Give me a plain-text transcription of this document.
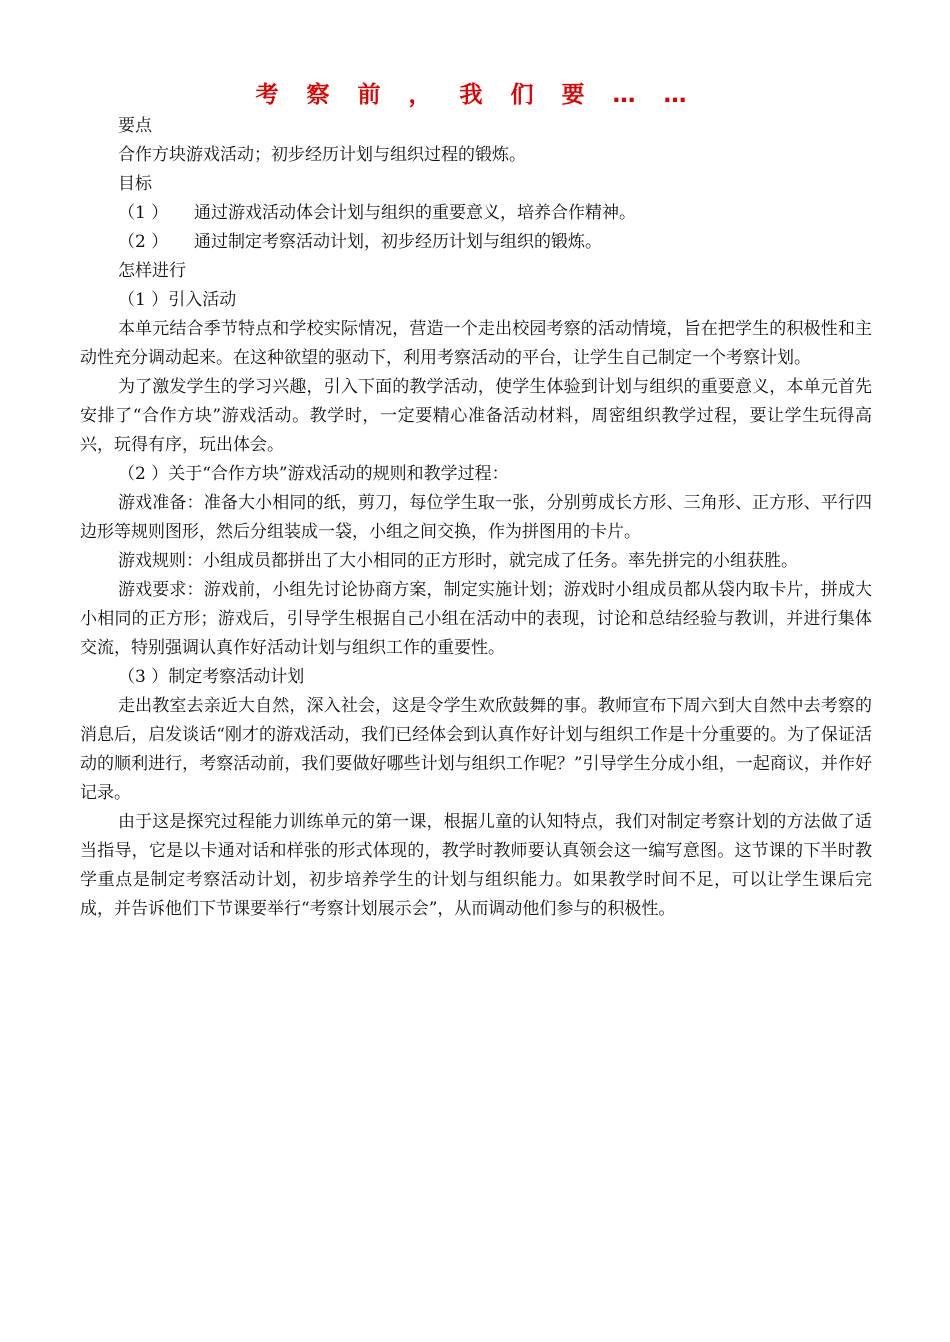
考 察 前 ， 我 们 要 … …

要点

合作方块游戏活动；初步经历计划与组织过程的锻炼。

目标

（1 ） 通过游戏活动体会计划与组织的重要意义，培养合作精神。

（2 ） 通过制定考察活动计划，初步经历计划与组织的锻炼。

怎样进行

（1 ）引入活动

本单元结合季节特点和学校实际情况，营造一个走出校园考察的活动情境，旨在把学生的积极性和主动性充分调动起来。在这种欲望的驱动下，利用考察活动的平台，让学生自己制定一个考察计划。

为了激发学生的学习兴趣，引入下面的教学活动，使学生体验到计划与组织的重要意义，本单元首先安排了“合作方块”游戏活动。教学时，一定要精心准备活动材料，周密组织教学过程，要让学生玩得高兴，玩得有序，玩出体会。

（2 ）关于“合作方块”游戏活动的规则和教学过程：

游戏准备：准备大小相同的纸，剪刀，每位学生取一张，分别剪成长方形、三角形、正方形、平行四边形等规则图形，然后分组装成一袋，小组之间交换，作为拼图用的卡片。

游戏规则：小组成员都拼出了大小相同的正方形时，就完成了任务。率先拼完的小组获胜。

游戏要求：游戏前，小组先讨论协商方案，制定实施计划；游戏时小组成员都从袋内取卡片，拼成大小相同的正方形；游戏后，引导学生根据自己小组在活动中的表现，讨论和总结经验与教训，并进行集体交流，特别强调认真作好活动计划与组织工作的重要性。

（3 ）制定考察活动计划

走出教室去亲近大自然，深入社会，这是令学生欢欣鼓舞的事。教师宣布下周六到大自然中去考察的消息后，启发谈话“刚才的游戏活动，我们已经体会到认真作好计划与组织工作是十分重要的。为了保证活动的顺利进行，考察活动前，我们要做好哪些计划与组织工作呢？”引导学生分成小组，一起商议，并作好记录。

由于这是探究过程能力训练单元的第一课，根据儿童的认知特点，我们对制定考察计划的方法做了适当指导，它是以卡通对话和样张的形式体现的，教学时教师要认真领会这一编写意图。这节课的下半时教学重点是制定考察活动计划，初步培养学生的计划与组织能力。如果教学时间不足，可以让学生课后完成，并告诉他们下节课要举行“考察计划展示会”，从而调动他们参与的积极性。
